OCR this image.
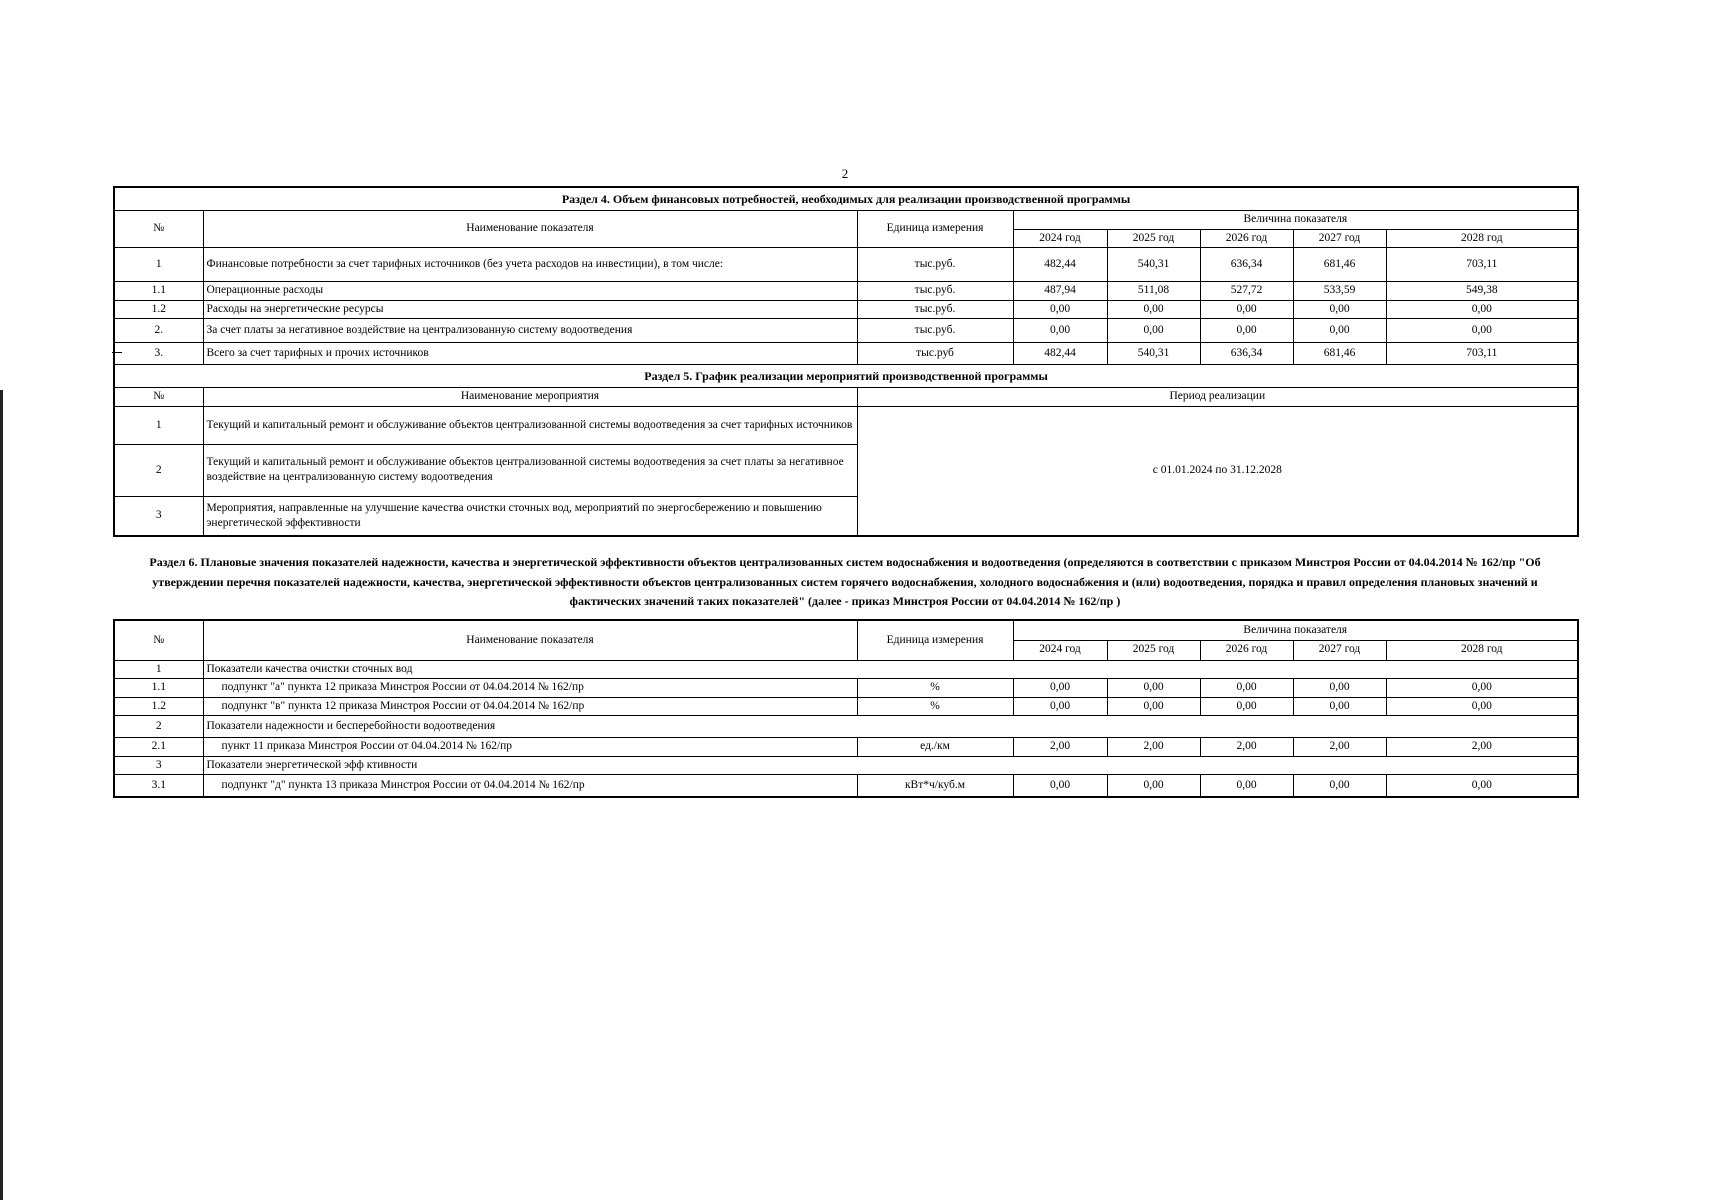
2
Раздел 4. Объем финансовых потребностей, необходимых для реализации производственной программы							
№	Наименование показателя	Единица измерения	Величина показателя				
			2024 год	2025 год	2026 год	2027 год	2028 год
1	Финансовые потребности за счет тарифных источников (без учета расходов на инвестиции), в том числе:	тыс.руб.	482,44	540,31	636,34	681,46	703,11
1.1	Операционные расходы	тыс.руб.	487,94	511,08	527,72	533,59	549,38
1.2	Расходы на энергетические ресурсы	тыс.руб.	0,00	0,00	0,00	0,00	0,00
2.	За счет платы за негативное воздействие на централизованную систему водоотведения	тыс.руб.	0,00	0,00	0,00	0,00	0,00
3.	Всего за счет тарифных и прочих источников	тыс.руб	482,44	540,31	636,34	681,46	703,11
Раздел 5. График реализации мероприятий производственной программы							
№	Наименование мероприятия	Период реализации					
1	Текущий и капитальный ремонт и обслуживание объектов централизованной системы водоотведения за счет тарифных источников	с 01.01.2024 по 31.12.2028					
2	Текущий и капитальный ремонт и обслуживание объектов централизованной системы водоотведения за счет платы за негативное воздействие на централизованную систему водоотведения						
3	Мероприятия, направленные на улучшение качества очистки сточных вод, мероприятий по энергосбережению и повышению энергетической эффективности						
Раздел 6. Плановые значения показателей надежности, качества и энергетической эффективности объектов централизованных систем водоснабжения и водоотведения (определяются в соответствии с приказом Минстроя России от 04.04.2014 № 162/пр "Об утверждении перечня показателей надежности, качества, энергетической эффективности объектов централизованных систем горячего водоснабжения, холодного водоснабжения и (или) водоотведения, порядка и правил определения плановых значений и фактических значений таких показателей" (далее - приказ Минстроя России от 04.04.2014 № 162/пр )
№	Наименование показателя	Единица измерения	Величина показателя				
			2024 год	2025 год	2026 год	2027 год	2028 год
1	Показатели качества очистки сточных вод						
1.1	подпункт "а" пункта 12 приказа Минстроя России от 04.04.2014 № 162/пр	%	0,00	0,00	0,00	0,00	0,00
1.2	подпункт "в" пункта 12 приказа Минстроя России от 04.04.2014 № 162/пр	%	0,00	0,00	0,00	0,00	0,00
2	Показатели надежности и бесперебойности водоотведения						
2.1	пункт 11 приказа Минстроя России от 04.04.2014 № 162/пр	ед./км	2,00	2,00	2,00	2,00	2,00
3	Показатели энергетической эфф ктивности						
3.1	подпункт "д" пункта 13 приказа Минстроя России от 04.04.2014 № 162/пр	кВт*ч/куб.м	0,00	0,00	0,00	0,00	0,00
